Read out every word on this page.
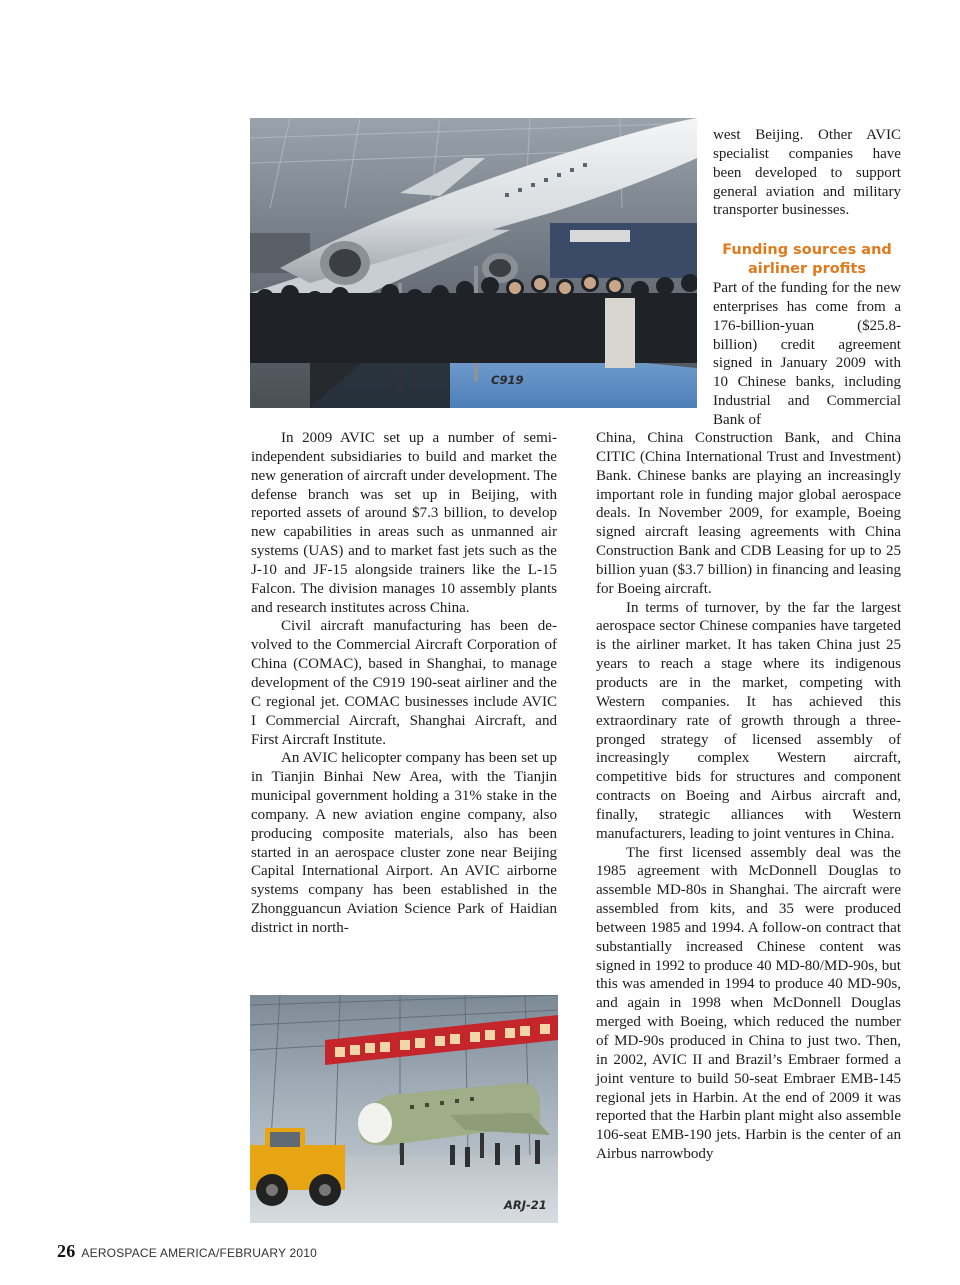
C919
ARJ-21

west Beijing. Other AVIC specialist companies have been developed to support general aviation and military transporter businesses.

Funding sources and
airliner profits

Part of the funding for the new enterprises has come from a 176-billion-yuan ($25.8-billion) credit agreement signed in January 2009 with 10 Chinese banks, including Industrial and Commercial Bank of

China, China Construction Bank, and China CITIC (China International Trust and Investment) Bank. Chinese banks are playing an increasingly important role in funding major global aerospace deals. In November 2009, for example, Boeing signed aircraft leasing agreements with China Construction Bank and CDB Leasing for up to 25 billion yuan ($3.7 billion) in financing and leasing for Boeing aircraft.

In terms of turnover, by the far the largest aerospace sector Chinese companies have targeted is the airliner market. It has taken China just 25 years to reach a stage where its indigenous products are in the market, competing with Western companies. It has achieved this extraordinary rate of growth through a three-pronged strategy of licensed assembly of increasingly complex Western aircraft, competitive bids for structures and component contracts on Boeing and Airbus aircraft and, finally, strategic alliances with Western manufacturers, leading to joint ventures in China.

The first licensed assembly deal was the 1985 agreement with McDonnell Douglas to assemble MD-80s in Shanghai. The aircraft were assembled from kits, and 35 were produced between 1985 and 1994. A follow-on contract that substantially increased Chinese content was signed in 1992 to produce 40 MD-80/MD-90s, but this was amended in 1994 to produce 40 MD-90s, and again in 1998 when McDonnell Douglas merged with Boeing, which reduced the number of MD-90s produced in China to just two. Then, in 2002, AVIC II and Brazil’s Embraer formed a joint venture to build 50-seat Embraer EMB-145 regional jets in Harbin. At the end of 2009 it was reported that the Harbin plant might also assemble 106-seat EMB-190 jets. Harbin is the center of an Airbus narrowbody

In 2009 AVIC set up a number of semi-independent subsidiaries to build and market the new generation of aircraft under development. The defense branch was set up in Beijing, with reported assets of around $7.3 billion, to develop new capabilities in areas such as unmanned air systems (UAS) and to market fast jets such as the J-10 and JF-15 alongside trainers like the L-15 Falcon. The division manages 10 assembly plants and research institutes across China.

Civil aircraft manufacturing has been devolved to the Commercial Aircraft Corporation of China (COMAC), based in Shanghai, to manage development of the C919 190-seat airliner and the C regional jet. COMAC businesses include AVIC I Commercial Aircraft, Shanghai Aircraft, and First Aircraft Institute.

An AVIC helicopter company has been set up in Tianjin Binhai New Area, with the Tianjin municipal government holding a 31% stake in the company. A new aviation engine company, also producing composite materials, also has been started in an aerospace cluster zone near Beijing Capital International Airport. An AVIC airborne systems company has been established in the Zhongguancun Aviation Science Park of Haidian district in north-

26 AEROSPACE AMERICA/FEBRUARY 2010
